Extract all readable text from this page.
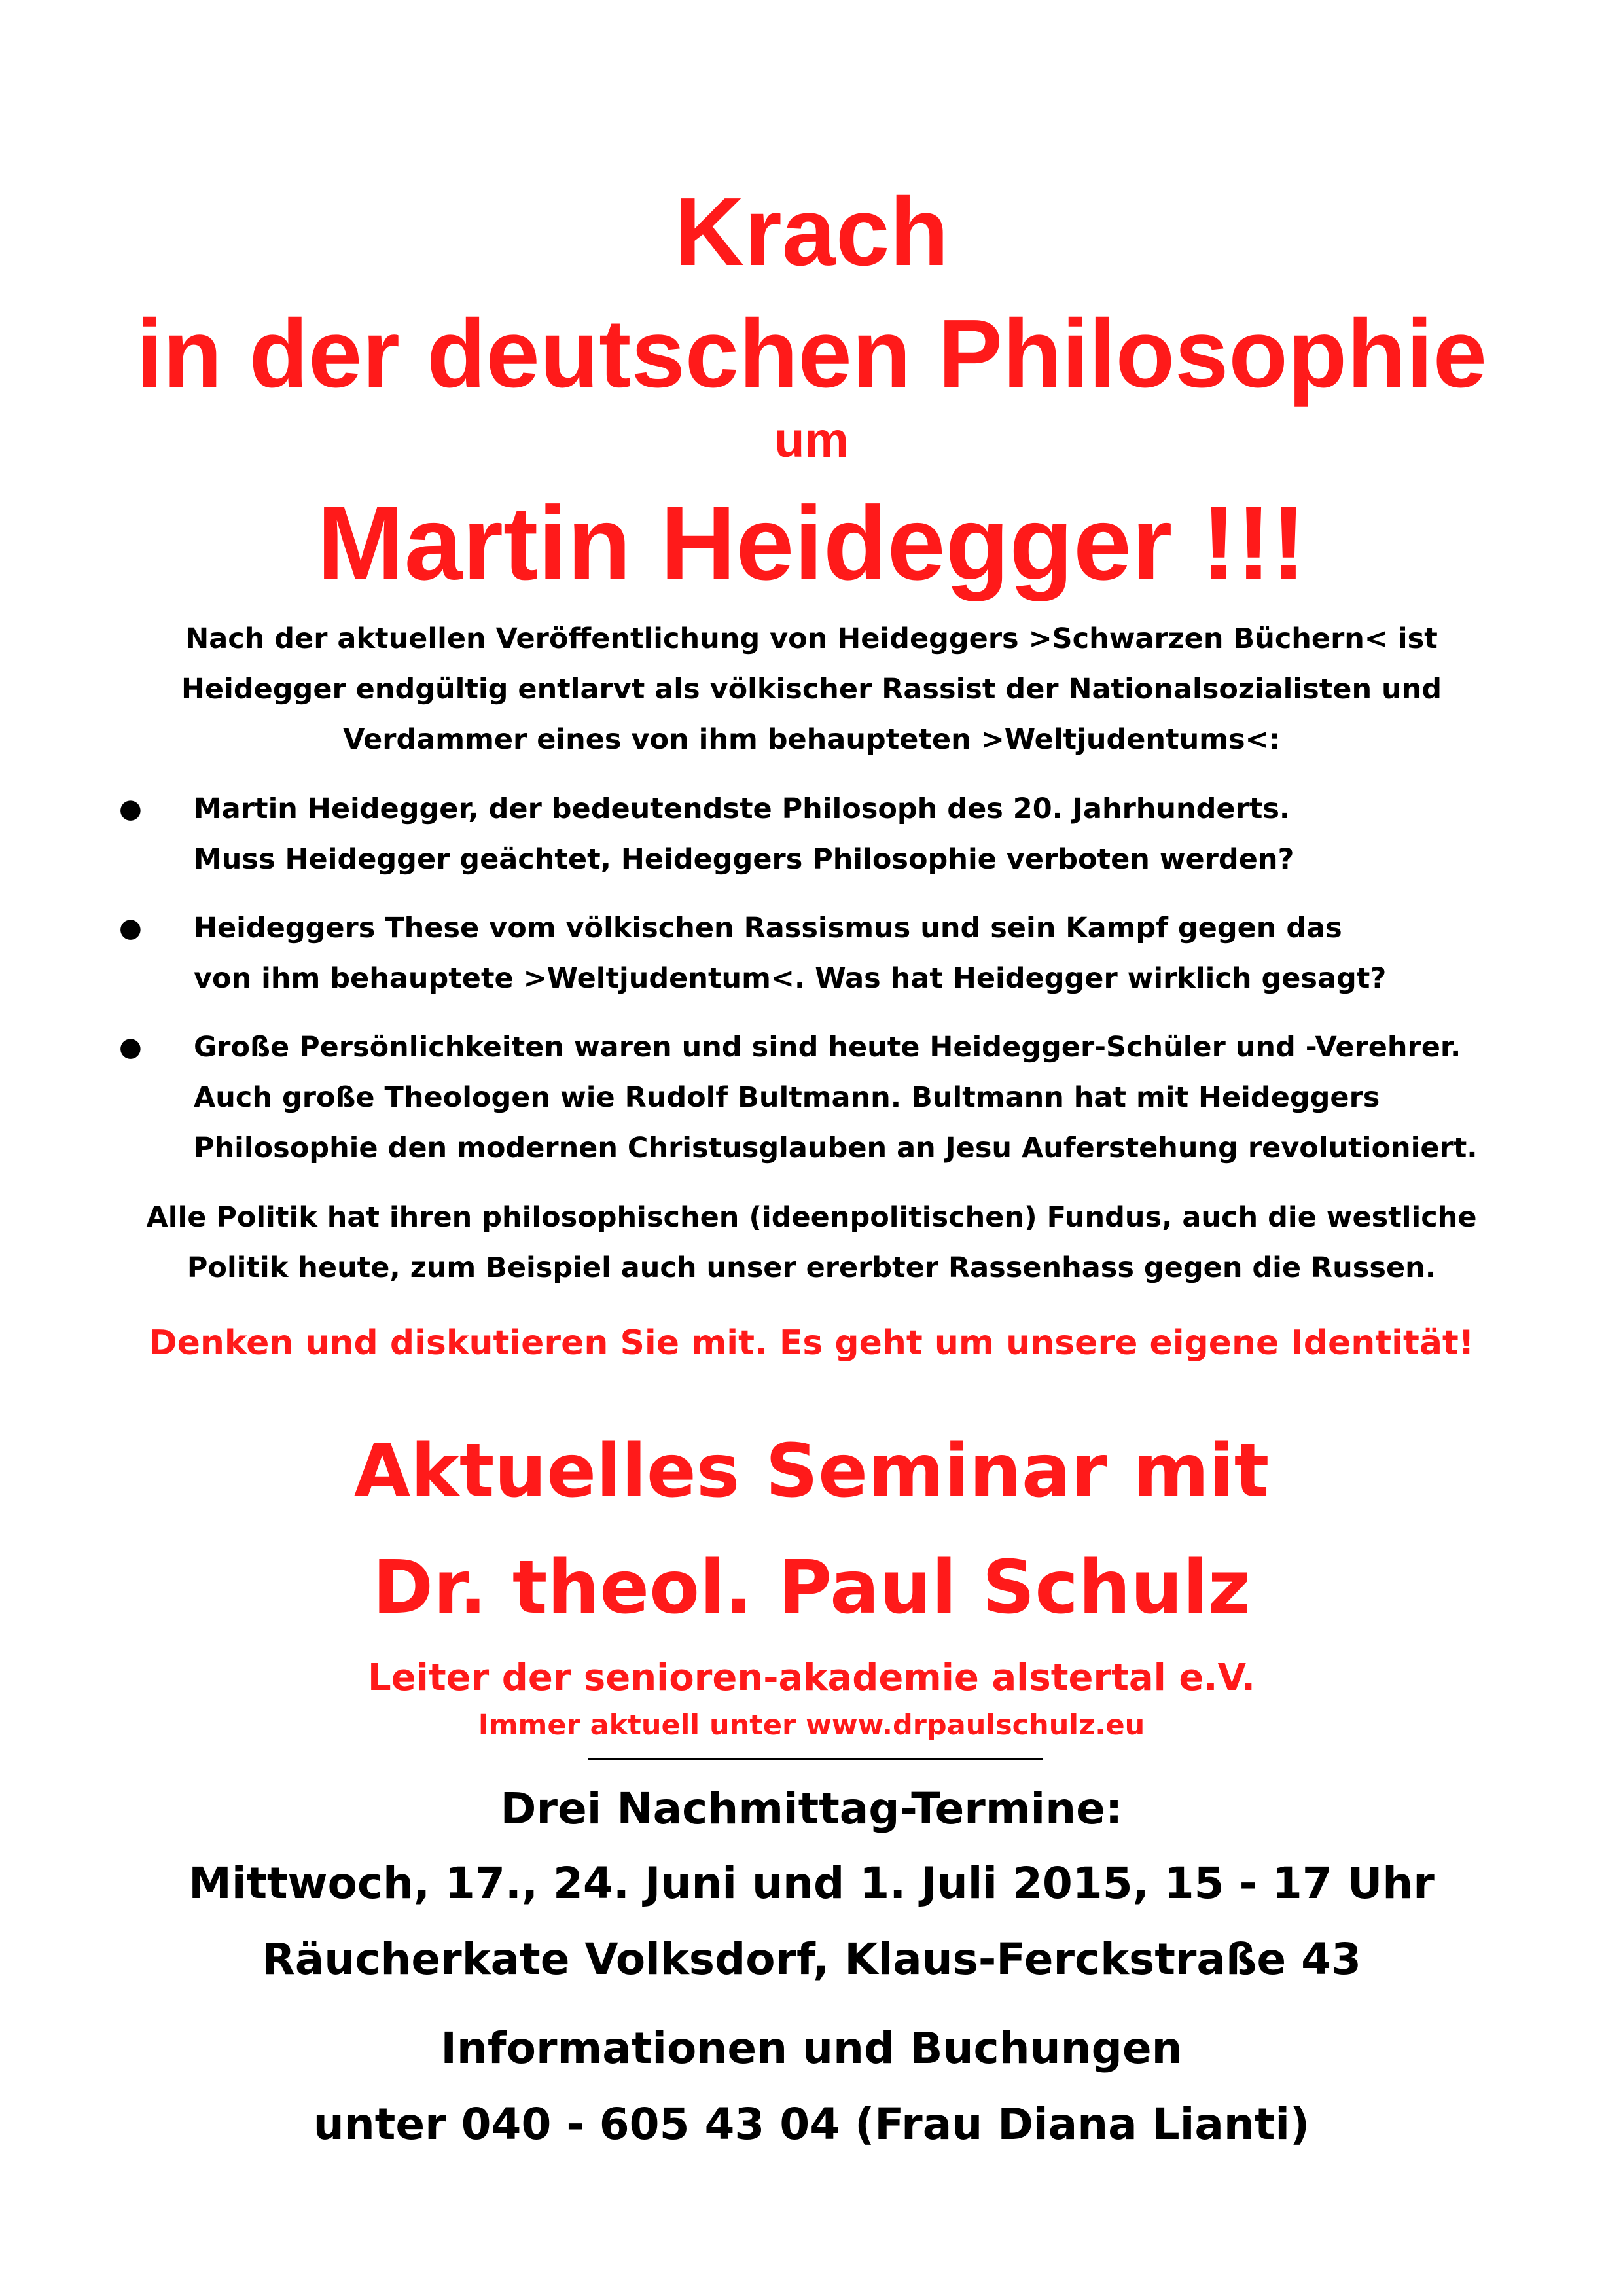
Krach
in der deutschen Philosophie
um
Martin Heidegger !!!
Nach der aktuellen Veröffentlichung von Heideggers >Schwarzen Büchern< ist
Heidegger endgültig entlarvt als völkischer Rassist der Nationalsozialisten und
Verdammer eines von ihm behaupteten >Weltjudentums<:
● Martin Heidegger, der bedeutendste Philosoph des 20. Jahrhunderts.
Muss Heidegger geächtet, Heideggers Philosophie verboten werden?
● Heideggers These vom völkischen Rassismus und sein Kampf gegen das
von ihm behauptete >Weltjudentum<. Was hat Heidegger wirklich gesagt?
● Große Persönlichkeiten waren und sind heute Heidegger-Schüler und -Verehrer.
Auch große Theologen wie Rudolf Bultmann. Bultmann hat mit Heideggers
Philosophie den modernen Christusglauben an Jesu Auferstehung revolutioniert.
Alle Politik hat ihren philosophischen (ideenpolitischen) Fundus, auch die westliche
Politik heute, zum Beispiel auch unser ererbter Rassenhass gegen die Russen.
Denken und diskutieren Sie mit. Es geht um unsere eigene Identität!
Aktuelles Seminar mit
Dr. theol. Paul Schulz
Leiter der senioren-akademie alstertal e.V.
Immer aktuell unter www.drpaulschulz.eu
Drei Nachmittag-Termine:
Mittwoch, 17., 24. Juni und 1. Juli 2015, 15 - 17 Uhr
Räucherkate Volksdorf, Klaus-Ferckstraße 43
Informationen und Buchungen
unter 040 - 605 43 04 (Frau Diana Lianti)
